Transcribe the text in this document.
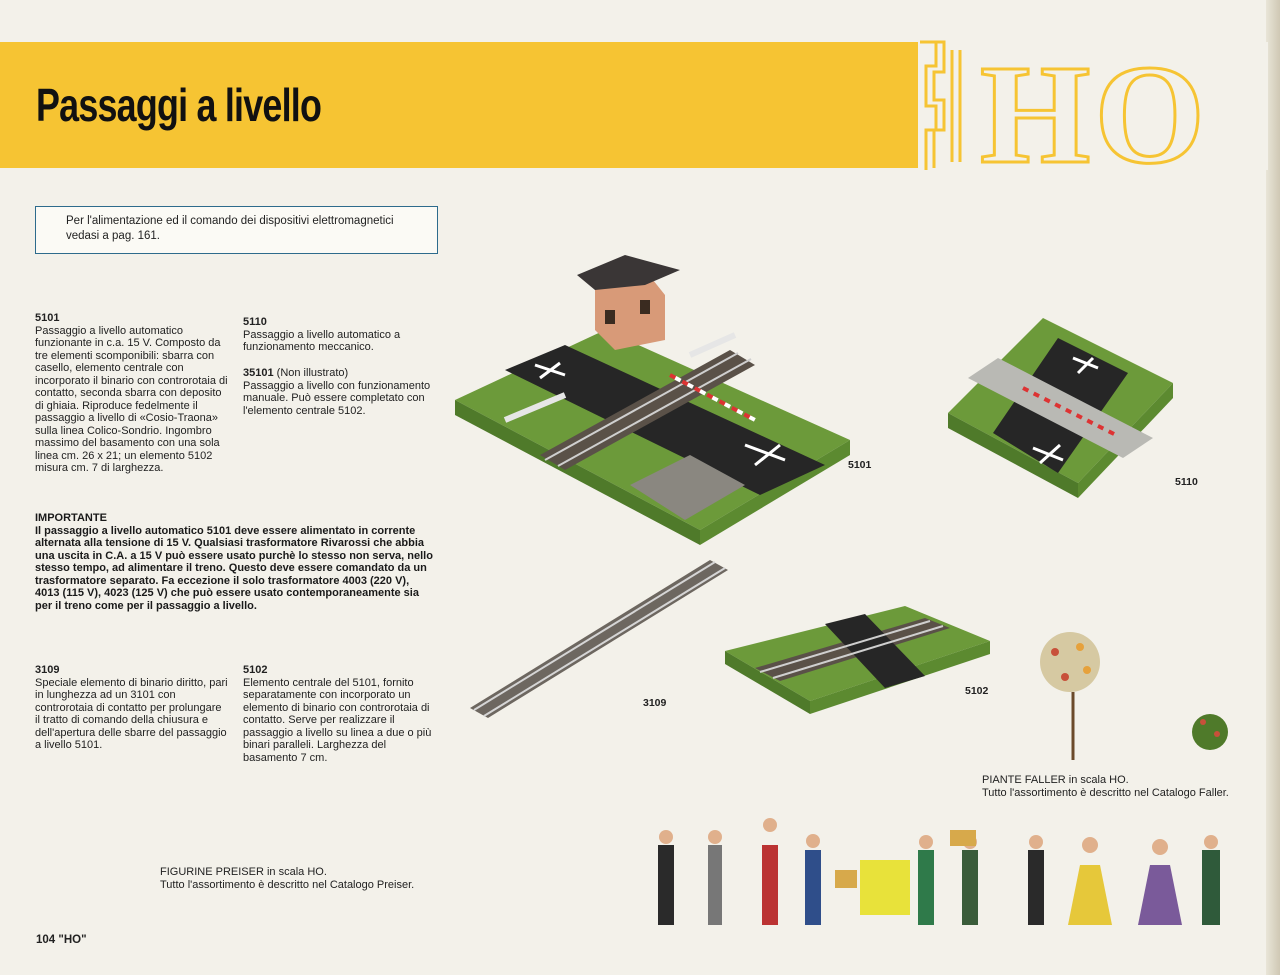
Passaggi a livello	HO
Per l'alimentazione ed il comando dei dispositivi elettromagnetici vedasi a pag. 161.
5101

Passaggio a livello automatico funzionante in c.a. 15 V. Composto da tre elementi scomponibili: sbarra con casello, elemento centrale con incorporato il binario con controrotaia di contatto, seconda sbarra con deposito di ghiaia. Riproduce fedelmente il passaggio a livello di «Cosio-Traona» sulla linea Colico-Sondrio. Ingombro massimo del basamento con una sola linea cm. 26 x 21; un elemento 5102 misura cm. 7 di larghezza.

5110

Passaggio a livello automatico a funzionamento meccanico.

35101 (Non illustrato)

Passaggio a livello con funzionamento manuale. Può essere completato con l'elemento centrale 5102.

IMPORTANTE
Il passaggio a livello automatico 5101 deve essere alimentato in corrente alternata alla tensione di 15 V. Qualsiasi trasformatore Rivarossi che abbia una uscita in C.A. a 15 V può essere usato purchè lo stesso non serva, nello stesso tempo, ad alimentare il treno. Questo deve essere comandato da un trasformatore separato. Fa eccezione il solo trasformatore 4003 (220 V), 4013 (115 V), 4023 (125 V) che può essere usato contemporaneamente sia per il treno come per il passaggio a livello.
3109

Speciale elemento di binario diritto, pari in lunghezza ad un 3101 con controrotaia di contatto per prolungare il tratto di comando della chiusura e dell'apertura delle sbarre del passaggio a livello 5101.

5102

Elemento centrale del 5101, fornito separatamente con incorporato un elemento di binario con controrotaia di contatto. Serve per realizzare il passaggio a livello su linea a due o più binari paralleli. Larghezza del basamento 7 cm.

5101
5110
3109
5102
PIANTE FALLER in scala HO.
Tutto l'assortimento è descritto nel Catalogo Faller.
FIGURINE PREISER in scala HO.
Tutto l'assortimento è descritto nel Catalogo Preiser.
104 "HO"
